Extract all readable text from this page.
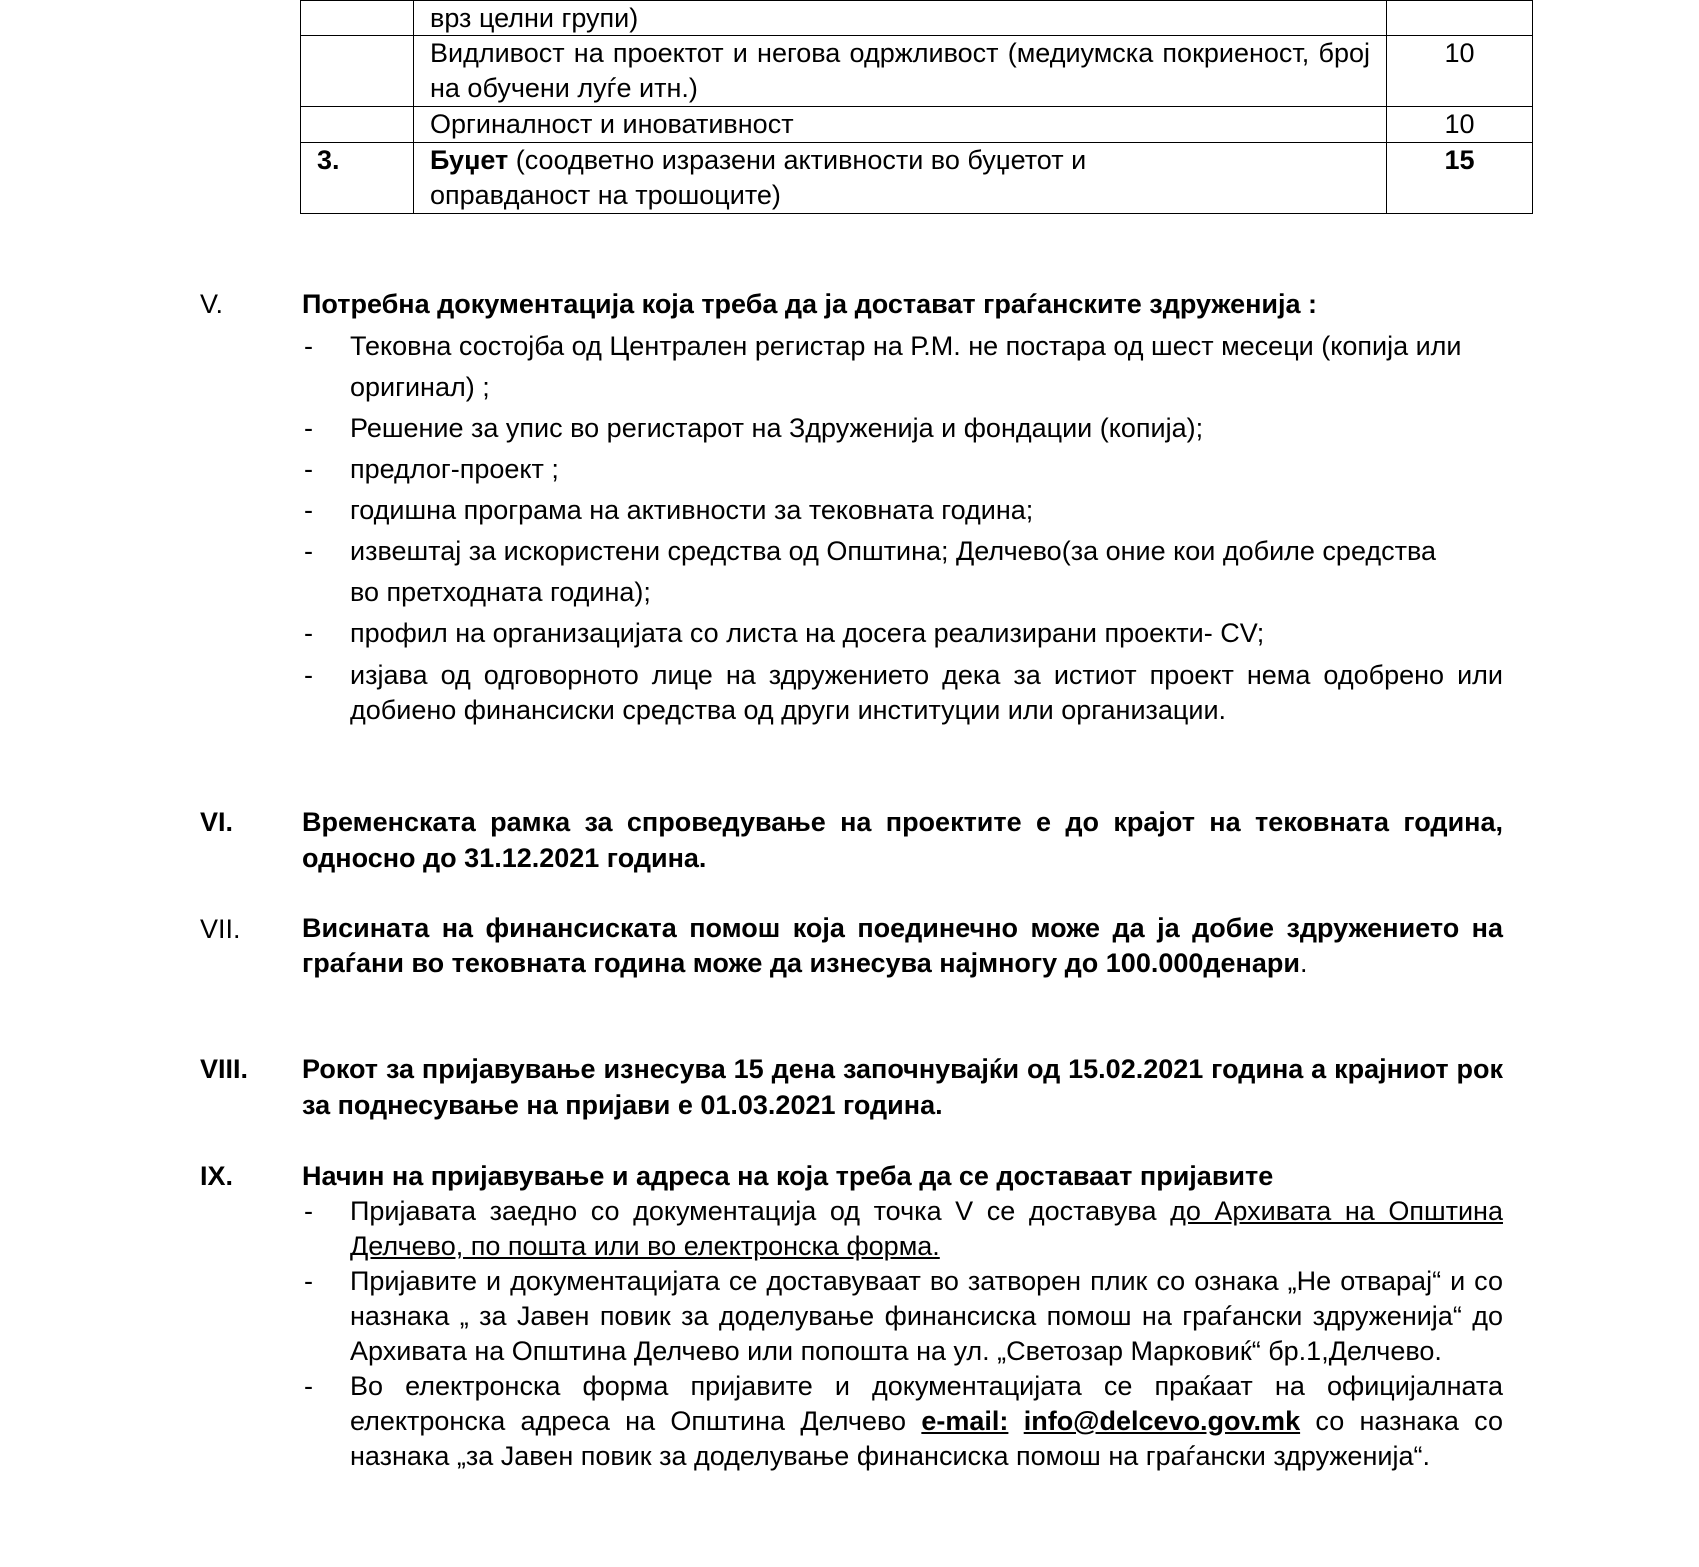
	врз целни групи)	
	Видливост на проектот и негова одржливост (медиумска покриеност, број на обучени луѓе итн.)	10
	Оргиналност и иновативност	10
3.	Буџет (соодветно изразени активности во буџетот и оправданост на трошоците)	15
V.	Потребна документација која треба да ја достават граѓанските здруженија :
- Тековна состојба од Централен регистар на Р.М. не постара од шест месеци (копија или оригинал) ;
- Решение за упис во регистарот на Здруженија и фондации (копија);
- предлог-проект ;
- годишна програма на активности за тековната година;
- извештај за искористени средства од Општина; Делчево(за оние кои добиле средства во претходната година);
- профил на организацијата со листа на досега реализирани проекти- CV;
- изјава од одговорното лице на здружението дека за истиот проект нема одобрено или добиено финансиски средства од други институции или организации.
VI.	Временската рамка за спроведување на проектите е до крајот на тековната година, односно до 31.12.2021 година.
VII.	Висината на финансиската помош која поединечно може да ја добие здружението на граѓани во тековната година може да изнесува најмногу до 100.000денари.
VIII.	Рокот за пријавување изнесува 15 дена започнувајќи од 15.02.2021 година а крајниот рок за поднесување на пријави е 01.03.2021 година.
IX.	Начин на пријавување и адреса на која треба да се доставаат пријавите
- Пријавата заедно со документација од точка V се доставува до Архивата на Општина Делчево, по пошта или во електронска форма.
- Пријавите и документацијата се доставуваат во затворен плик со ознака „Не отварај“ и со назнака „ за Јавен повик за доделување финансиска помош на граѓански здруженија“ до Архивата на Општина Делчево или попошта на ул. „Светозар Марковиќ“ бр.1,Делчево.
- Во електронска форма пријавите и документацијата се праќаат на официјалната електронска адреса на Општина Делчево e-mail: info@delcevo.gov.mk со назнака со назнака „за Јавен повик за доделување финансиска помош на граѓански здруженија“.
